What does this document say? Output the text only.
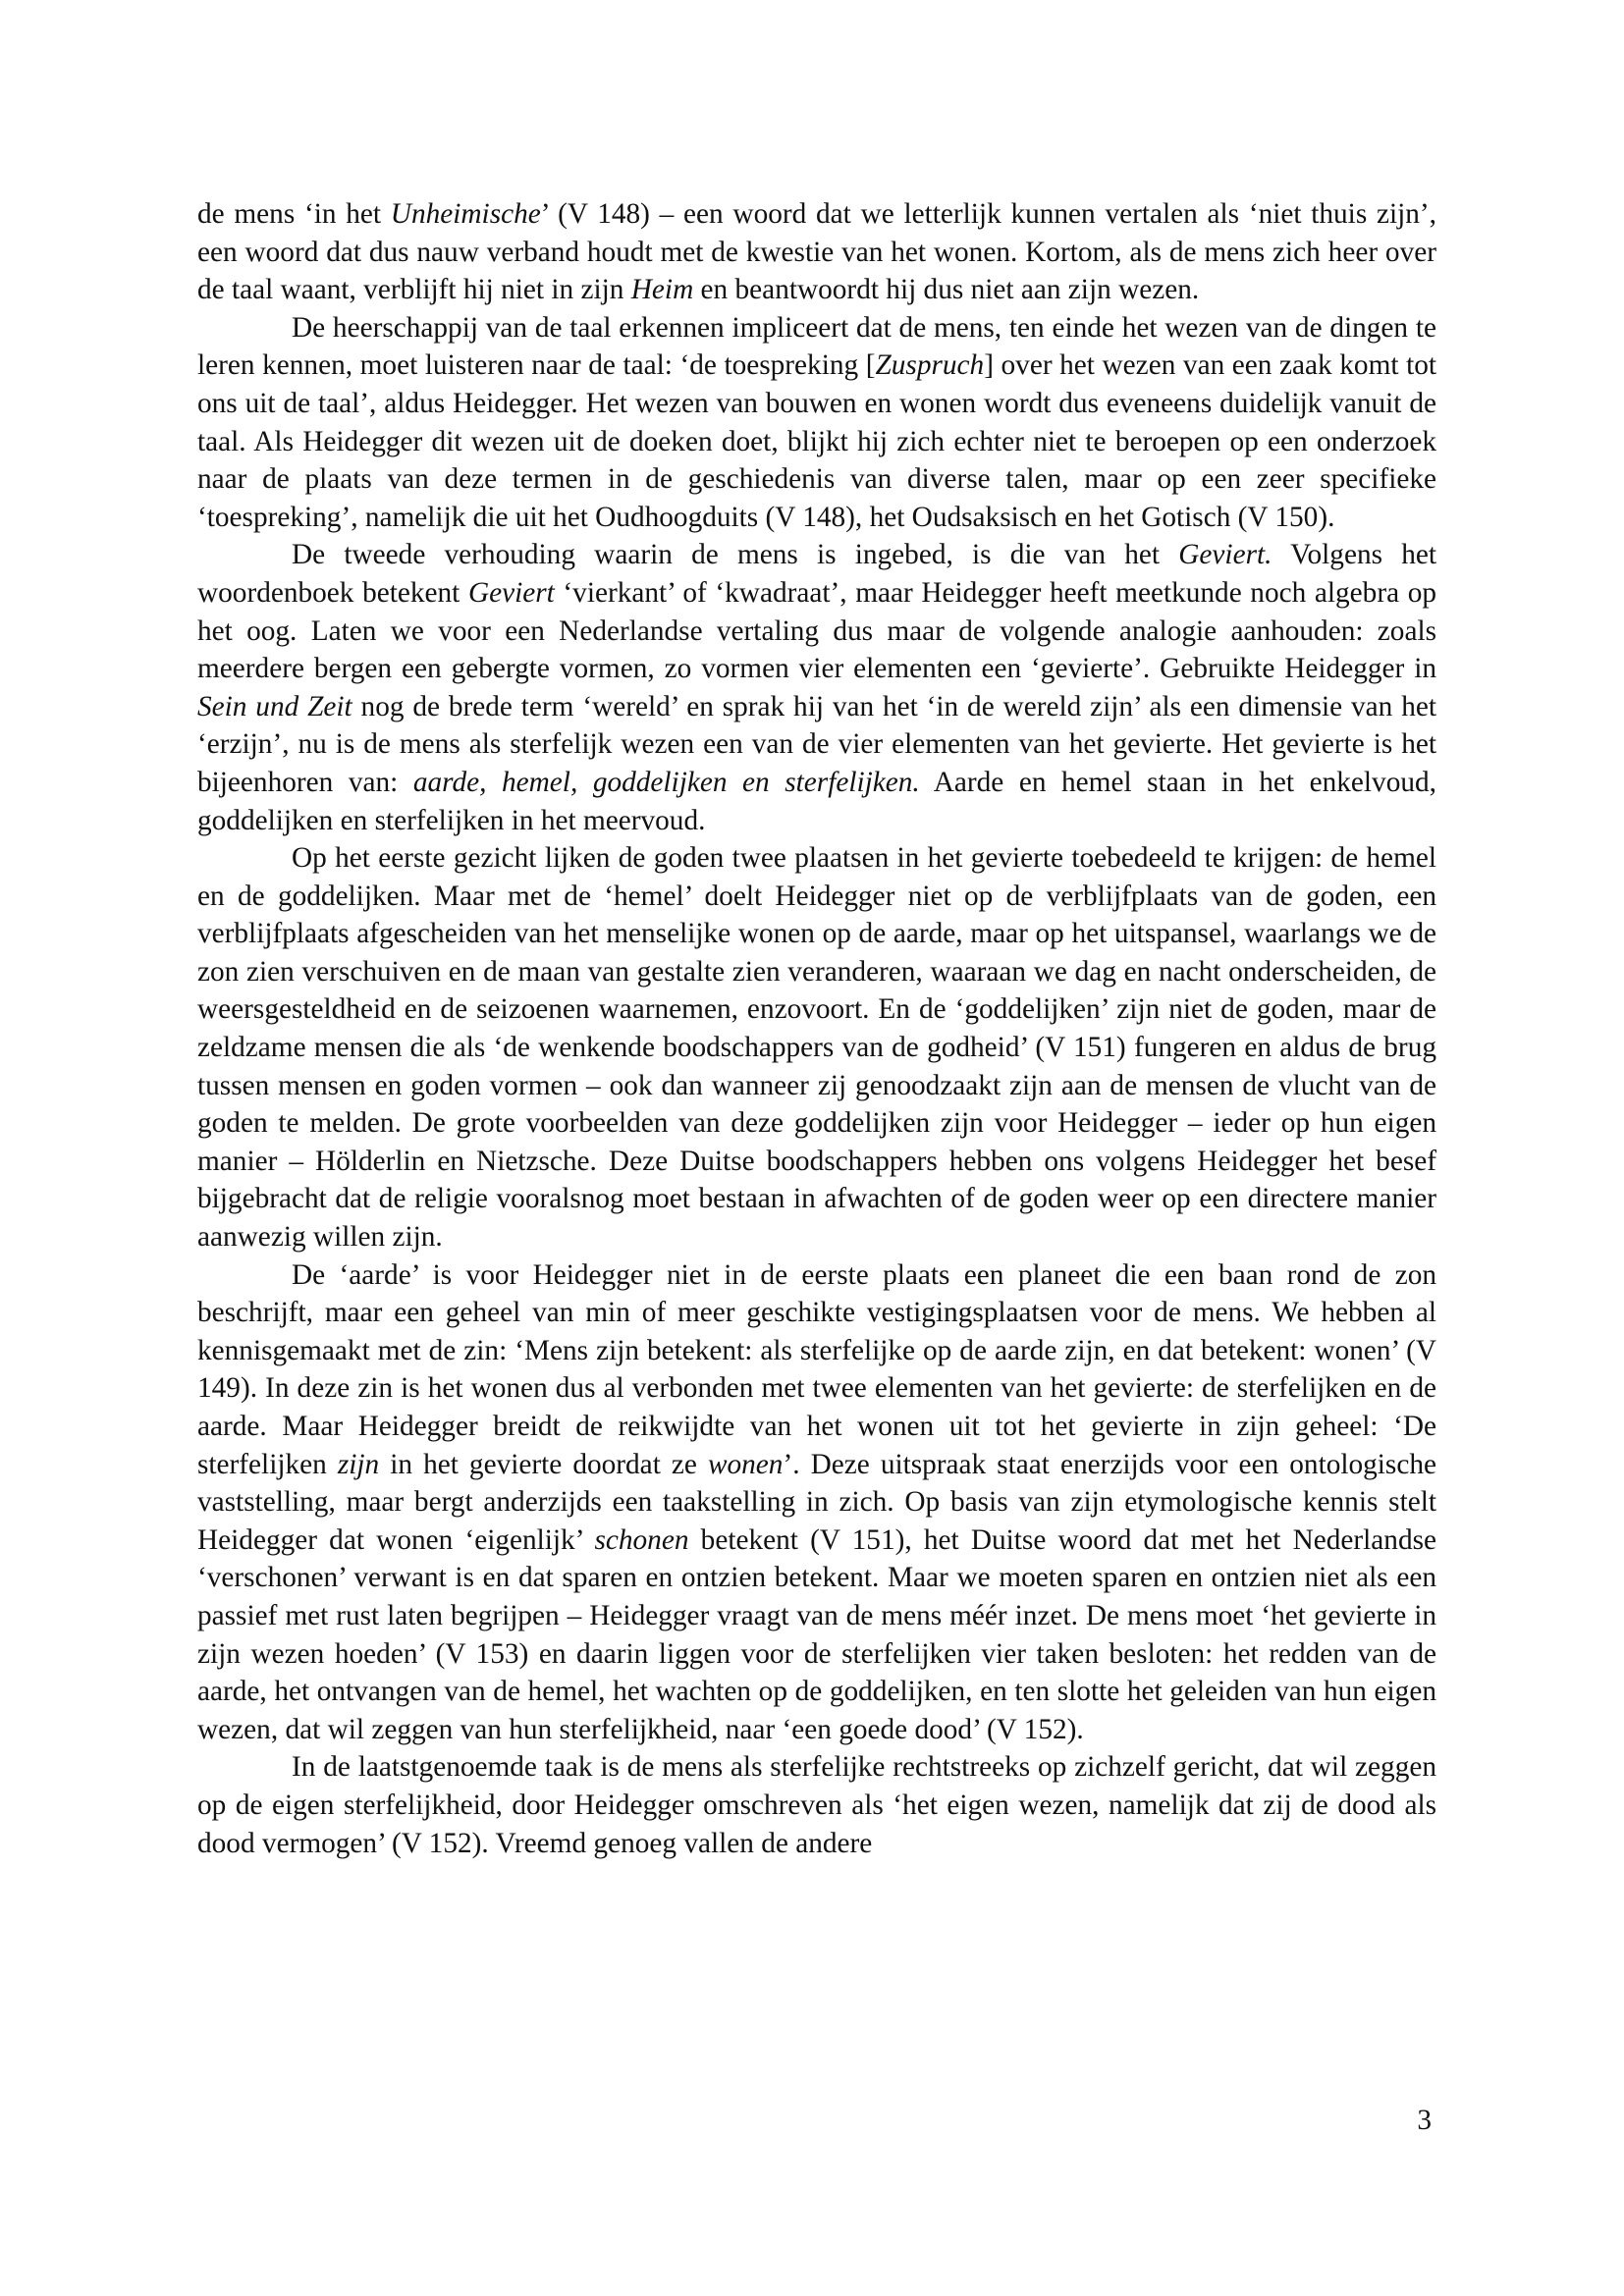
de mens ‘in het Unheimische’ (V 148) – een woord dat we letterlijk kunnen vertalen als ‘niet thuis zijn’, een woord dat dus nauw verband houdt met de kwestie van het wonen. Kortom, als de mens zich heer over de taal waant, verblijft hij niet in zijn Heim en beantwoordt hij dus niet aan zijn wezen.

De heerschappij van de taal erkennen impliceert dat de mens, ten einde het wezen van de dingen te leren kennen, moet luisteren naar de taal: ‘de toespreking [Zuspruch] over het wezen van een zaak komt tot ons uit de taal’, aldus Heidegger. Het wezen van bouwen en wonen wordt dus eveneens duidelijk vanuit de taal. Als Heidegger dit wezen uit de doeken doet, blijkt hij zich echter niet te beroepen op een onderzoek naar de plaats van deze termen in de geschiedenis van diverse talen, maar op een zeer specifieke ‘toespreking’, namelijk die uit het Oudhoogduits (V 148), het Oudsaksisch en het Gotisch (V 150).

De tweede verhouding waarin de mens is ingebed, is die van het Geviert. Volgens het woordenboek betekent Geviert ‘vierkant’ of ‘kwadraat’, maar Heidegger heeft meetkunde noch algebra op het oog. Laten we voor een Nederlandse vertaling dus maar de volgende analogie aanhouden: zoals meerdere bergen een gebergte vormen, zo vormen vier elementen een ‘gevierte’. Gebruikte Heidegger in Sein und Zeit nog de brede term ‘wereld’ en sprak hij van het ‘in de wereld zijn’ als een dimensie van het ‘erzijn’, nu is de mens als sterfelijk wezen een van de vier elementen van het gevierte. Het gevierte is het bijeenhoren van: aarde, hemel, goddelijken en sterfelijken. Aarde en hemel staan in het enkelvoud, goddelijken en sterfelijken in het meervoud.

Op het eerste gezicht lijken de goden twee plaatsen in het gevierte toebedeeld te krijgen: de hemel en de goddelijken. Maar met de ‘hemel’ doelt Heidegger niet op de verblijfplaats van de goden, een verblijfplaats afgescheiden van het menselijke wonen op de aarde, maar op het uitspansel, waarlangs we de zon zien verschuiven en de maan van gestalte zien veranderen, waaraan we dag en nacht onderscheiden, de weersgesteldheid en de seizoenen waarnemen, enzovoort. En de ‘goddelijken’ zijn niet de goden, maar de zeldzame mensen die als ‘de wenkende boodschappers van de godheid’ (V 151) fungeren en aldus de brug tussen mensen en goden vormen – ook dan wanneer zij genoodzaakt zijn aan de mensen de vlucht van de goden te melden. De grote voorbeelden van deze goddelijken zijn voor Heidegger – ieder op hun eigen manier – Hölderlin en Nietzsche. Deze Duitse boodschappers hebben ons volgens Heidegger het besef bijgebracht dat de religie vooralsnog moet bestaan in afwachten of de goden weer op een directere manier aanwezig willen zijn.

De ‘aarde’ is voor Heidegger niet in de eerste plaats een planeet die een baan rond de zon beschrijft, maar een geheel van min of meer geschikte vestigingsplaatsen voor de mens. We hebben al kennisgemaakt met de zin: ‘Mens zijn betekent: als sterfelijke op de aarde zijn, en dat betekent: wonen’ (V 149). In deze zin is het wonen dus al verbonden met twee elementen van het gevierte: de sterfelijken en de aarde. Maar Heidegger breidt de reikwijdte van het wonen uit tot het gevierte in zijn geheel: ‘De sterfelijken zijn in het gevierte doordat ze wonen’. Deze uitspraak staat enerzijds voor een ontologische vaststelling, maar bergt anderzijds een taakstelling in zich. Op basis van zijn etymologische kennis stelt Heidegger dat wonen ‘eigenlijk’ schonen betekent (V 151), het Duitse woord dat met het Nederlandse ‘verschonen’ verwant is en dat sparen en ontzien betekent. Maar we moeten sparen en ontzien niet als een passief met rust laten begrijpen – Heidegger vraagt van de mens méér inzet. De mens moet ‘het gevierte in zijn wezen hoeden’ (V 153) en daarin liggen voor de sterfelijken vier taken besloten: het redden van de aarde, het ontvangen van de hemel, het wachten op de goddelijken, en ten slotte het geleiden van hun eigen wezen, dat wil zeggen van hun sterfelijkheid, naar ‘een goede dood’ (V 152).

In de laatstgenoemde taak is de mens als sterfelijke rechtstreeks op zichzelf gericht, dat wil zeggen op de eigen sterfelijkheid, door Heidegger omschreven als ‘het eigen wezen, namelijk dat zij de dood als dood vermogen’ (V 152). Vreemd genoeg vallen de andere

3
